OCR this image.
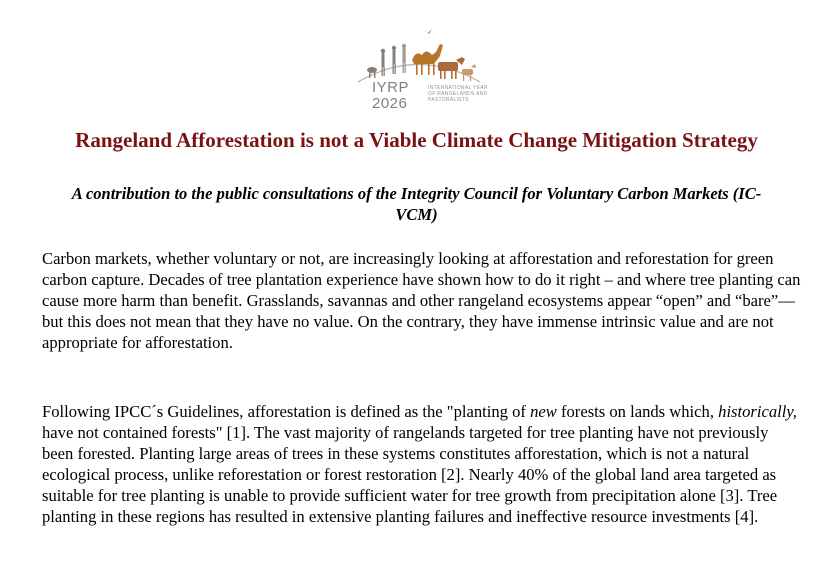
IYRP
2026
INTERNATIONAL YEAR OF RANGELANDS AND PASTORALISTS
Rangeland Afforestation is not a Viable Climate Change Mitigation Strategy

A contribution to the public consultations of the Integrity Council for Voluntary Carbon Markets (IC-VCM)

Carbon markets, whether voluntary or not, are increasingly looking at afforestation and reforestation for green carbon capture. Decades of tree plantation experience have shown how to do it right – and where tree planting can cause more harm than benefit. Grasslands, savannas and other rangeland ecosystems appear “open” and “bare”— but this does not mean that they have no value. On the contrary, they have immense intrinsic value and are not appropriate for afforestation.

Following IPCC´s Guidelines, afforestation is defined as the "planting of new forests on lands which, historically, have not contained forests" [1]. The vast majority of rangelands targeted for tree planting have not previously been forested. Planting large areas of trees in these systems constitutes afforestation, which is not a natural ecological process, unlike reforestation or forest restoration [2]. Nearly 40% of the global land area targeted as suitable for tree planting is unable to provide sufficient water for tree growth from precipitation alone [3]. Tree planting in these regions has resulted in extensive planting failures and ineffective resource investments [4].
